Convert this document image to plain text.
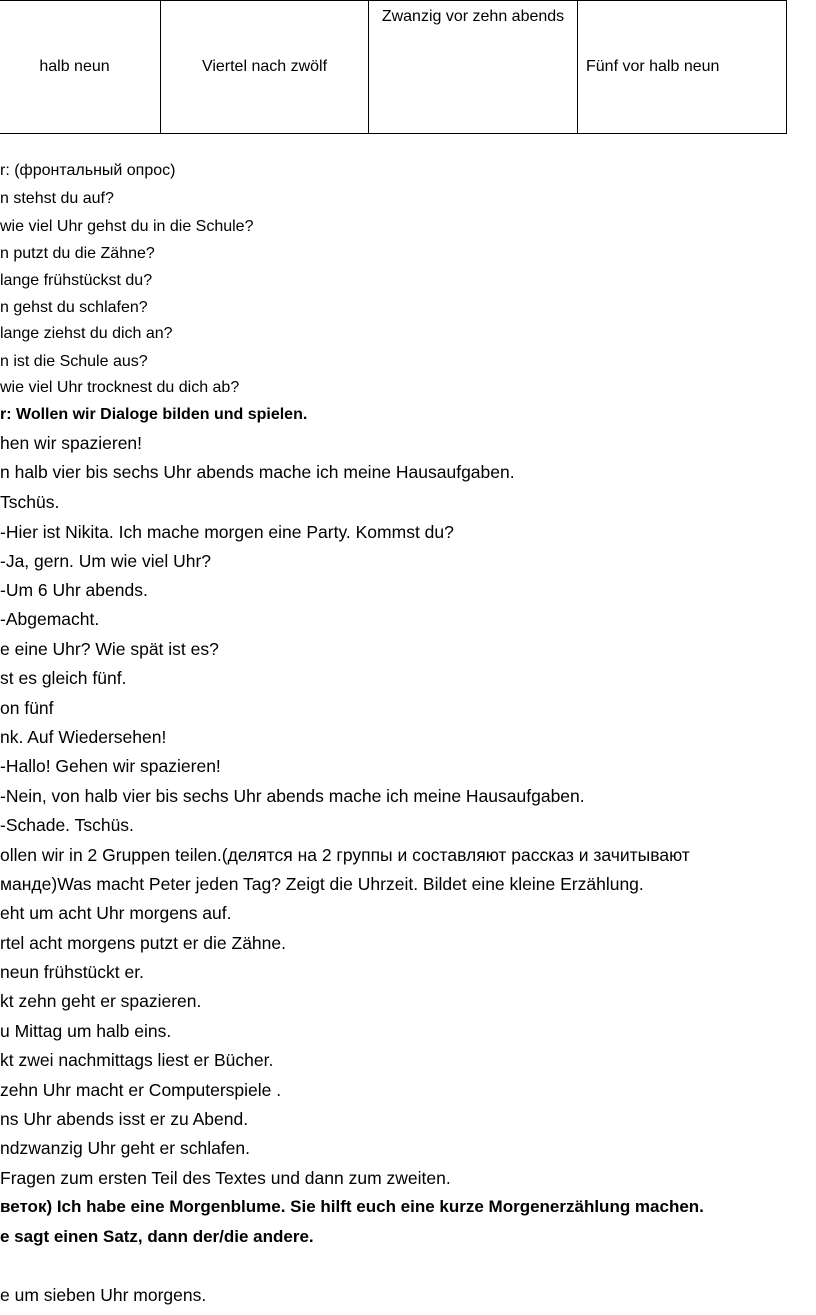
halb neun	Viertel nach zwölf	Zwanzig vor zehn abends	Fünf vor halb neun
r: (фронтальный опрос)
n stehst du auf?
wie viel Uhr gehst du in die Schule?
n putzt du die Zähne?
lange frühstückst du?
n gehst du schlafen?
lange ziehst du dich an?
n ist die Schule aus?
wie viel Uhr trocknest du dich ab?
r: Wollen wir Dialoge bilden und spielen.
hen wir spazieren!
n halb vier bis sechs Uhr abends mache ich meine Hausaufgaben.
Tschüs.
-Hier ist Nikita. Ich mache morgen eine Party. Kommst du?
-Ja, gern. Um wie viel Uhr?
-Um 6 Uhr abends.
-Abgemacht.
e eine Uhr? Wie spät ist es?
st es gleich fünf.
on fünf
nk. Auf Wiedersehen!
-Hallo! Gehen wir spazieren!
-Nein, von halb vier bis sechs Uhr abends mache ich meine Hausaufgaben.
-Schade. Tschüs.
ollen wir in 2 Gruppen teilen.(делятся на 2 группы и составляют рассказ и зачитывают
манде)Was macht Peter jeden Tag? Zeigt die Uhrzeit. Bildet eine kleine Erzählung.
eht um acht Uhr morgens auf.
rtel acht morgens putzt er die Zähne.
neun frühstückt er.
kt zehn geht er spazieren.
u Mittag um halb eins.
kt zwei nachmittags liest er Bücher.
zehn Uhr macht er Computerspiele .
ns Uhr abends isst er zu Abend.
ndzwanzig Uhr geht er schlafen.
Fragen zum ersten Teil des Textes und dann zum zweiten.
веток) Ich habe eine Morgenblume. Sie hilft euch eine kurze Morgenerzählung machen.
e sagt einen Satz, dann der/die andere.
e um sieben Uhr morgens.
